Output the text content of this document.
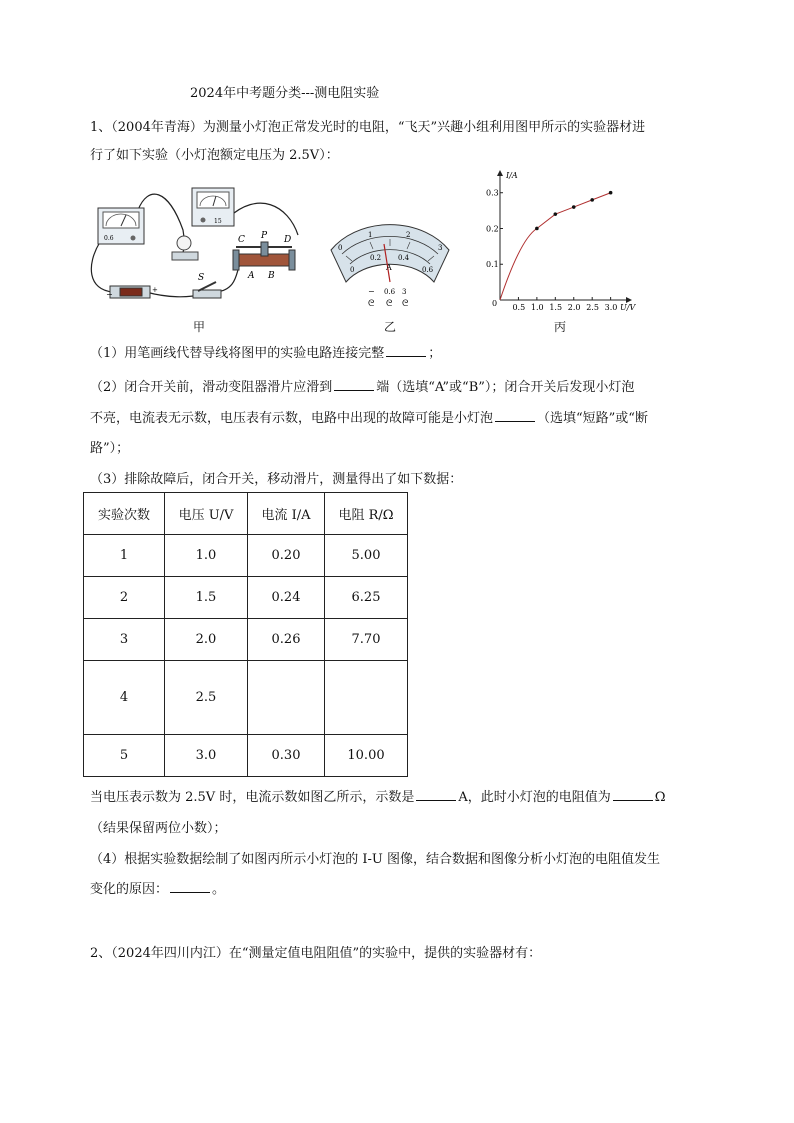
2024年中考题分类---测电阻实验
1、（2004年青海）为测量小灯泡正常发光时的电阻，“飞天”兴趣小组利用图甲所示的实验器材进
行了如下实验（小灯泡额定电压为 2.5V）：
0.6
15
−	+
S
C P D
A B
甲
0
1	2
3
0
0.2 0.4
0.6
A
− 0.6 3
ᘓ ᘓ ᘓ
乙
0.5 1.0 1.5 2.0 2.5 3.0
0.1
0.2
0.3
I/A
U/V
0
丙
（1）用笔画线代替导线将图甲的实验电路连接完整	；
（2）闭合开关前，滑动变阻器滑片应滑到	端（选填“A”或“B”）；闭合开关后发现小灯泡
不亮，电流表无示数，电压表有示数，电路中出现的故障可能是小灯泡	（选填“短路”或“断
路”）；
（3）排除故障后，闭合开关，移动滑片，测量得出了如下数据：
实验次数	电压 U/V	电流 I/A	电阻 R/Ω
1	1.0	0.20	5.00
2	1.5	0.24	6.25
3	2.0	0.26	7.70
4	2.5		
5	3.0	0.30	10.00
当电压表示数为 2.5V 时，电流示数如图乙所示，示数是	A，此时小灯泡的电阻值为	Ω
（结果保留两位小数）；
（4）根据实验数据绘制了如图丙所示小灯泡的 I-U 图像，结合数据和图像分析小灯泡的电阻值发生
变化的原因：	。
2、（2024年四川内江）在“测量定值电阻阻值”的实验中，提供的实验器材有：
